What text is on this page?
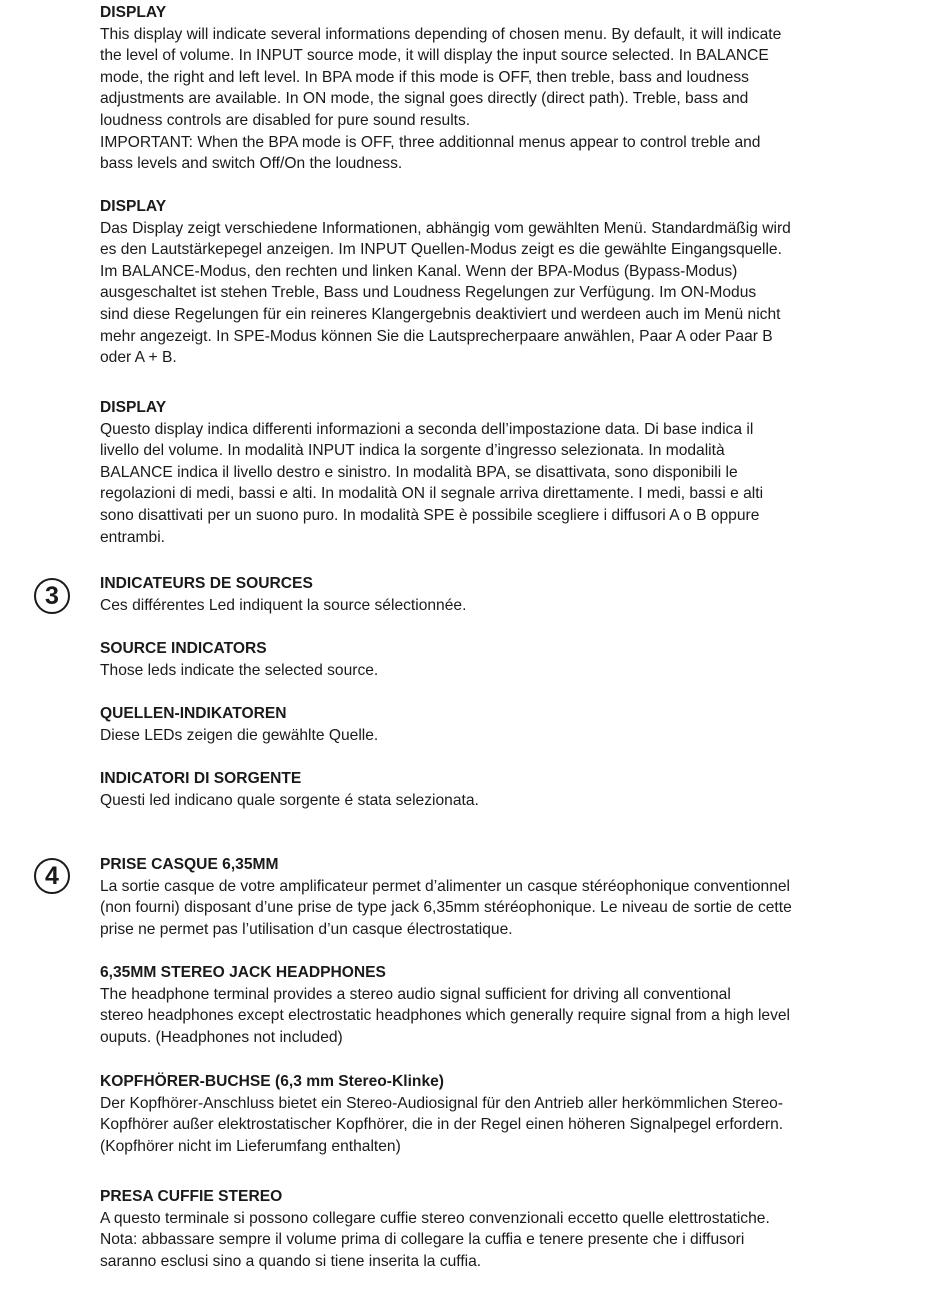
DISPLAY

This display will indicate several informations depending of chosen menu. By default, it will indicate
the level of volume. In INPUT source mode, it will display the input source selected. In BALANCE
mode, the right and left level. In BPA mode if this mode is OFF, then treble, bass and loudness
adjustments are available. In ON mode, the signal goes directly (direct path). Treble, bass and
loudness controls are disabled for pure sound results.
IMPORTANT: When the BPA mode is OFF, three additionnal menus appear to control treble and
bass levels and switch Off/On the loudness.

DISPLAY

Das Display zeigt verschiedene Informationen, abhängig vom gewählten Menü. Standardmäßig wird
es den Lautstärkepegel anzeigen. Im INPUT Quellen-Modus zeigt es die gewählte Eingangsquelle.
Im BALANCE-Modus, den rechten und linken Kanal. Wenn der BPA-Modus (Bypass-Modus)
ausgeschaltet ist stehen Treble, Bass und Loudness Regelungen zur Verfügung. Im ON-Modus
sind diese Regelungen für ein reineres Klangergebnis deaktiviert und werdeen auch im Menü nicht
mehr angezeigt. In SPE-Modus können Sie die Lautsprecherpaare anwählen, Paar A oder Paar B
oder A + B.

DISPLAY

Questo display indica differenti informazioni a seconda dell’impostazione data. Di base indica il
livello del volume. In modalità INPUT indica la sorgente d’ingresso selezionata. In modalità
BALANCE indica il livello destro e sinistro. In modalità BPA, se disattivata, sono disponibili le
regolazioni di medi, bassi e alti. In modalità ON il segnale arriva direttamente. I medi, bassi e alti
sono disattivati per un suono puro. In modalità SPE è possibile scegliere i diffusori A o B oppure
entrambi.

3	INDICATEURS DE SOURCES

Ces différentes Led indiquent la source sélectionnée.

SOURCE INDICATORS

Those leds indicate the selected source.

QUELLEN-INDIKATOREN

Diese LEDs zeigen die gewählte Quelle.

INDICATORI DI SORGENTE

Questi led indicano quale sorgente é stata selezionata.

4	PRISE CASQUE 6,35MM

La sortie casque de votre amplificateur permet d’alimenter un casque stéréophonique conventionnel
(non fourni) disposant d’une prise de type jack 6,35mm stéréophonique. Le niveau de sortie de cette
prise ne permet pas l’utilisation d’un casque électrostatique.

6,35MM STEREO JACK HEADPHONES

The headphone terminal provides a stereo audio signal sufficient for driving all conventional
stereo headphones except electrostatic headphones which generally require signal from a high level
ouputs. (Headphones not included)

KOPFHÖRER-BUCHSE (6,3 mm Stereo-Klinke)

Der Kopfhörer-Anschluss bietet ein Stereo-Audiosignal für den Antrieb aller herkömmlichen Stereo-
Kopfhörer außer elektrostatischer Kopfhörer, die in der Regel einen höheren Signalpegel erfordern.
(Kopfhörer nicht im Lieferumfang enthalten)

PRESA CUFFIE STEREO

A questo terminale si possono collegare cuffie stereo convenzionali eccetto quelle elettrostatiche.
Nota: abbassare sempre il volume prima di collegare la cuffia e tenere presente che i diffusori
saranno esclusi sino a quando si tiene inserita la cuffia.
